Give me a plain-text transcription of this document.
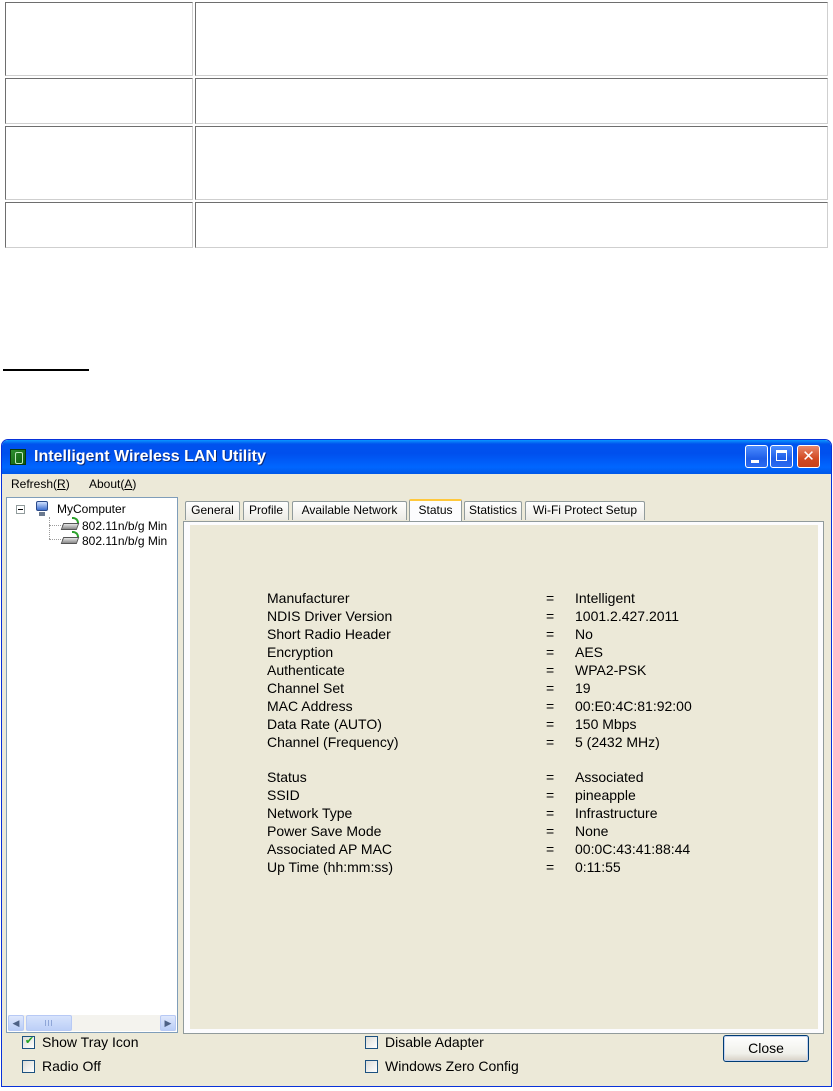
Intelligent Wireless LAN Utility	✕
Refresh(R) About(A)
MyComputer
802.11n/b/g Min
802.11n/b/g Min
◀	▶
General	Profile	Available Network	Status	Statistics	Wi-Fi Protect Setup
Manufacturer	= Intelligent
NDIS Driver Version	= 1001.2.427.2011
Short Radio Header	= No
Encryption	= AES
Authenticate	= WPA2-PSK
Channel Set	= 19
MAC Address	= 00:E0:4C:81:92:00
Data Rate (AUTO)	= 150 Mbps
Channel (Frequency)	= 5 (2432 MHz)
Status	= Associated
SSID	= pineapple
Network Type	= Infrastructure
Power Save Mode	= None
Associated AP MAC	= 00:0C:43:41:88:44
Up Time (hh:mm:ss)	= 0:11:55
✔
Show Tray Icon
Radio Off
Disable Adapter
Windows Zero Config
Close
